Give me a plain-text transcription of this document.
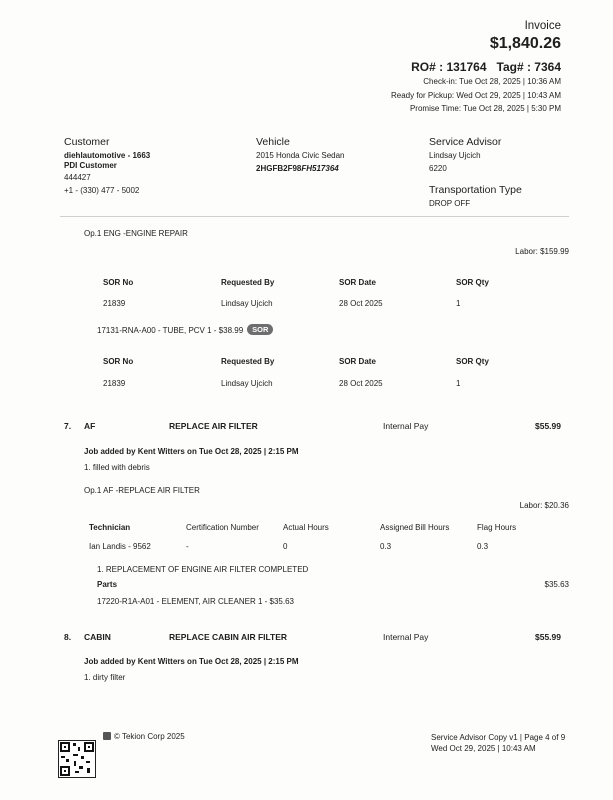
Invoice
$1,840.26
RO# : 131764 Tag# : 7364
Check-in: Tue Oct 28, 2025 | 10:36 AM
Ready for Pickup: Wed Oct 29, 2025 | 10:43 AM
Promise Time: Tue Oct 28, 2025 | 5:30 PM
Customer
diehlautomotive - 1663
PDI Customer
444427
+1 - (330) 477 - 5002
Vehicle
2015 Honda Civic Sedan
2HGFB2F98FH517364
Service Advisor
Lindsay Ujcich
6220
Transportation Type
DROP OFF
Op.1 ENG -ENGINE REPAIR
Labor: $159.99
SOR No	Requested By	SOR Date	SOR Qty
21839	Lindsay Ujcich	28 Oct 2025	1
17131-RNA-A00 - TUBE, PCV 1 - $38.99 SOR
SOR No	Requested By	SOR Date	SOR Qty
21839	Lindsay Ujcich	28 Oct 2025	1
7. AF	REPLACE AIR FILTER	Internal Pay	$55.99
Job added by Kent Witters on Tue Oct 28, 2025 | 2:15 PM
1. filled with debris
Op.1 AF -REPLACE AIR FILTER
Labor: $20.36
Technician	Certification Number	Actual Hours	Assigned Bill Hours	Flag Hours
Ian Landis - 9562	-	0	0.3	0.3
1. REPLACEMENT OF ENGINE AIR FILTER COMPLETED
Parts	$35.63
17220-R1A-A01 - ELEMENT, AIR CLEANER 1 - $35.63
8. CABIN	REPLACE CABIN AIR FILTER	Internal Pay	$55.99
Job added by Kent Witters on Tue Oct 28, 2025 | 2:15 PM
1. dirty filter
© Tekion Corp 2025	Service Advisor Copy v1 | Page 4 of 9
Wed Oct 29, 2025 | 10:43 AM
